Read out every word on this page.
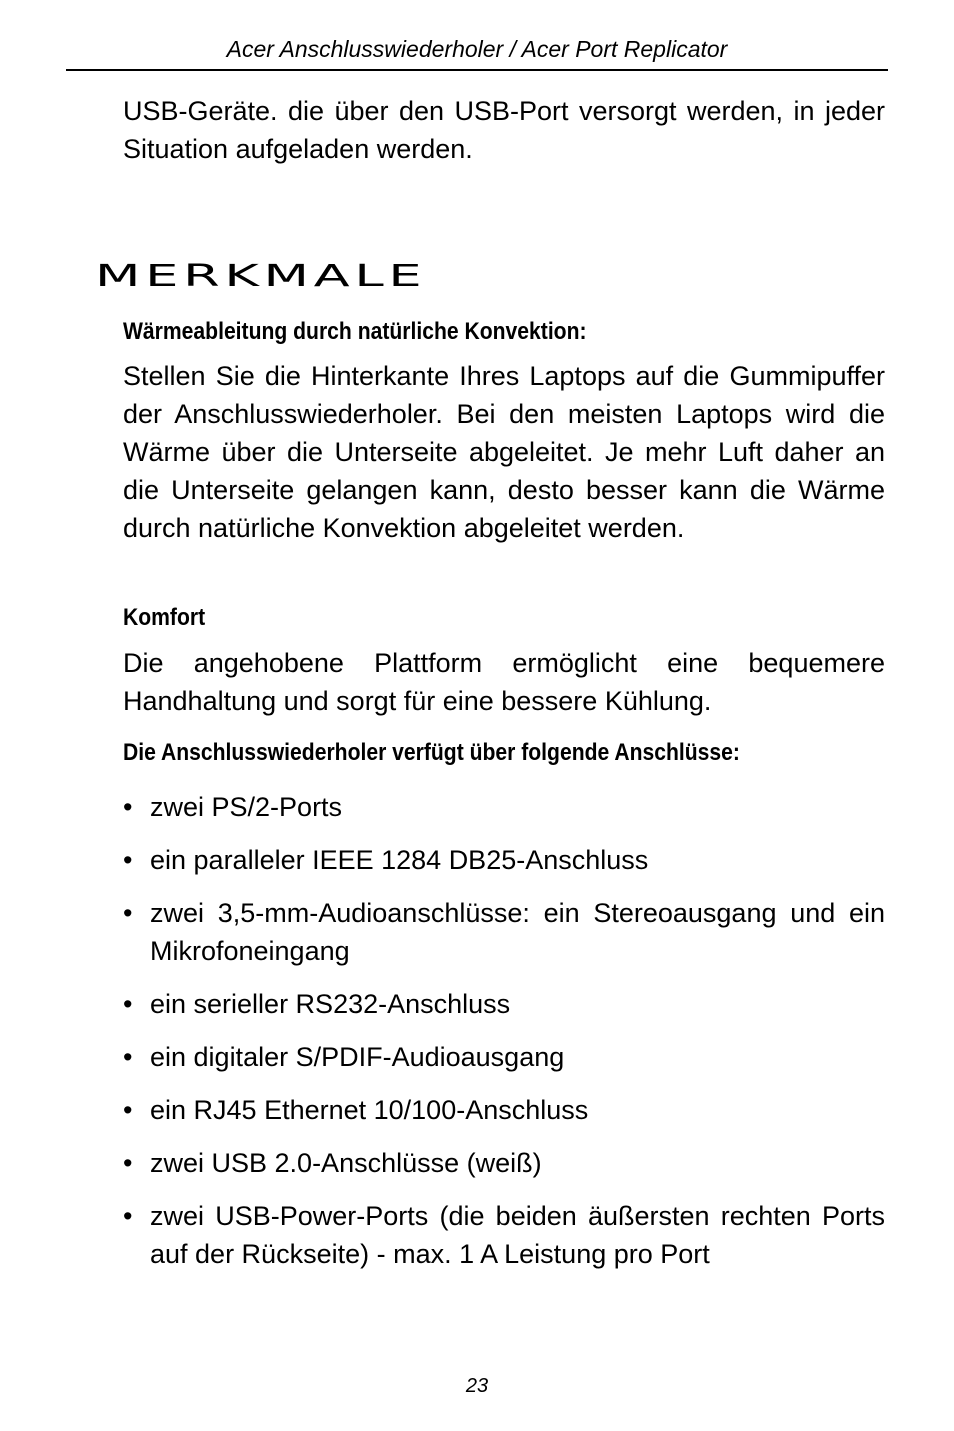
Acer Anschlusswiederholer / Acer Port Replicator

USB-Geräte. die über den USB-Port versorgt werden, in jeder Situation aufgeladen werden.

MERKMALE
Wärmeableitung durch natürliche Konvektion:

Stellen Sie die Hinterkante Ihres Laptops auf die Gummipuffer der Anschlusswiederholer. Bei den meisten Laptops wird die Wärme über die Unterseite abgeleitet. Je mehr Luft daher an die Unterseite gelangen kann, desto besser kann die Wärme durch natürliche Konvektion abgeleitet werden.

Komfort

Die angehobene Plattform ermöglicht eine bequemere Handhaltung und sorgt für eine bessere Kühlung.

Die Anschlusswiederholer verfügt über folgende Anschlüsse:
• zwei PS/2-Ports
• ein paralleler IEEE 1284 DB25-Anschluss
• zwei 3,5-mm-Audioanschlüsse: ein Stereoausgang und ein Mikrofoneingang
• ein serieller RS232-Anschluss
• ein digitaler S/PDIF-Audioausgang
• ein RJ45 Ethernet 10/100-Anschluss
• zwei USB 2.0-Anschlüsse (weiß)
• zwei USB-Power-Ports (die beiden äußersten rechten Ports auf der Rückseite) - max. 1 A Leistung pro Port
23
